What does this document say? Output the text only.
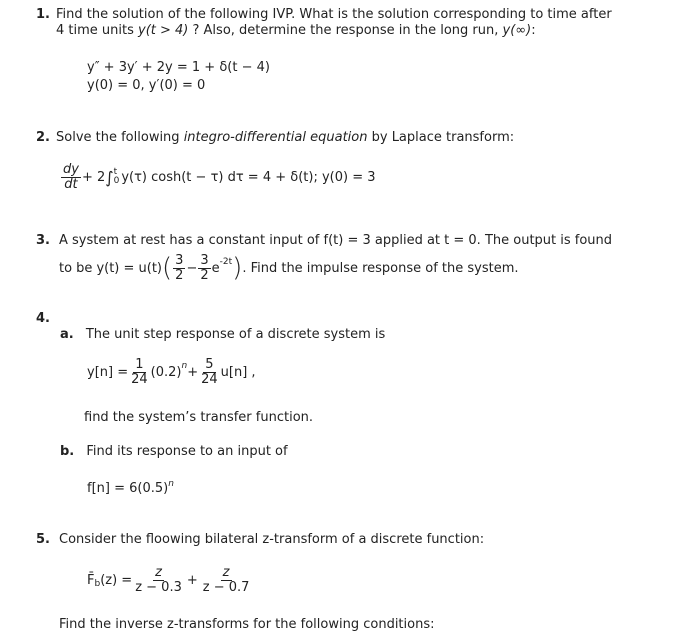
1. Find the solution of the following IVP. What is the solution corresponding to time after
4 time units y(t > 4) ? Also, determine the response in the long run, y(∞):
y″ + 3y′ + 2y = 1 + δ(t − 4)
y(0) = 0, y′(0) = 0
2. Solve the following integro-differential equation by Laplace transform:
$\frac{dy}{dt} + 2$ ∫ t
0 y(τ) cosh(t − τ) dτ = 4 + δ(t); y(0) = 3
3. A system at rest has a constant input of f(t) = 3 applied at t = 0. The output is found
to be y(t) = u(t) ( $\frac{3}{2} - \frac{3}{2}$ e -2t ) . Find the impulse response of the system.
4.
a. The unit step response of a discrete system is
$y[n] = \frac{1}{24} (0.2) n + \frac{5}{24} u[n]$ ,
find the system’s transfer function.
b. Find its response to an input of
$f[n] = 6(0.5)^n$
5. Consider the floowing bilateral z-transform of a discrete function:
F̄ b $(z) = \frac{z}{z - 0.3} + \frac{z}{z - 0.7}$
Find the inverse z-transforms for the following conditions:
